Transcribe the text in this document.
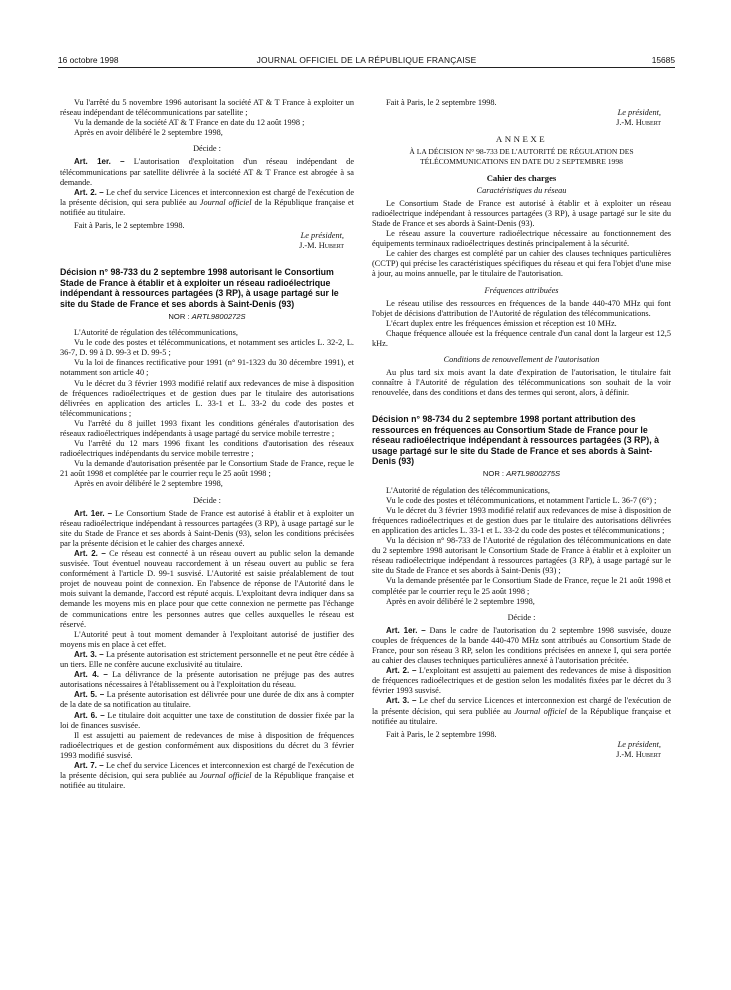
16 octobre 1998	JOURNAL OFFICIEL DE LA RÉPUBLIQUE FRANÇAISE	15685

Vu l'arrêté du 5 novembre 1996 autorisant la société AT & T France à exploiter un réseau indépendant de télécommunications par satellite ;

Vu la demande de la société AT & T France en date du 12 août 1998 ;

Après en avoir délibéré le 2 septembre 1998,

Décide :

Art. 1er. – L'autorisation d'exploitation d'un réseau indépendant de télécommunications par satellite délivrée à la société AT & T France est abrogée à sa demande.

Art. 2. – Le chef du service Licences et interconnexion est chargé de l'exécution de la présente décision, qui sera publiée au Journal officiel de la République française et notifiée au titulaire.

Fait à Paris, le 2 septembre 1998.

Le président,

J.-M. Hubert

Décision n° 98-733 du 2 septembre 1998 autorisant le Consortium Stade de France à établir et à exploiter un réseau radioélectrique indépendant à ressources partagées (3 RP), à usage partagé sur le site du Stade de France et ses abords à Saint-Denis (93)

NOR : ARTL9800272S

L'Autorité de régulation des télécommunications,

Vu le code des postes et télécommunications, et notamment ses articles L. 32-2, L. 36-7, D. 99 à D. 99-3 et D. 99-5 ;

Vu la loi de finances rectificative pour 1991 (n° 91-1323 du 30 décembre 1991), et notamment son article 40 ;

Vu le décret du 3 février 1993 modifié relatif aux redevances de mise à disposition de fréquences radioélectriques et de gestion dues par le titulaire des autorisations délivrées en application des articles L. 33-1 et L. 33-2 du code des postes et télécommunications ;

Vu l'arrêté du 8 juillet 1993 fixant les conditions générales d'autorisation des réseaux radioélectriques indépendants à usage partagé du service mobile terrestre ;

Vu l'arrêté du 12 mars 1996 fixant les conditions d'autorisation des réseaux radioélectriques indépendants du service mobile terrestre ;

Vu la demande d'autorisation présentée par le Consortium Stade de France, reçue le 21 août 1998 et complétée par le courrier reçu le 25 août 1998 ;

Après en avoir délibéré le 2 septembre 1998,

Décide :

Art. 1er. – Le Consortium Stade de France est autorisé à établir et à exploiter un réseau radioélectrique indépendant à ressources partagées (3 RP), à usage partagé sur le site du Stade de France et ses abords à Saint-Denis (93), selon les conditions précisées par la présente décision et le cahier des charges annexé.

Art. 2. – Ce réseau est connecté à un réseau ouvert au public selon la demande susvisée. Tout éventuel nouveau raccordement à un réseau ouvert au public se fera conformément à l'article D. 99-1 susvisé. L'Autorité est saisie préalablement de tout projet de nouveau point de connexion. En l'absence de réponse de l'Autorité dans le mois suivant la demande, l'accord est réputé acquis. L'exploitant devra indiquer dans sa demande les moyens mis en place pour que cette connexion ne permette pas l'échange de communications entre les personnes autres que celles auxquelles le réseau est réservé.

L'Autorité peut à tout moment demander à l'exploitant autorisé de justifier des moyens mis en place à cet effet.

Art. 3. – La présente autorisation est strictement personnelle et ne peut être cédée à un tiers. Elle ne confère aucune exclusivité au titulaire.

Art. 4. – La délivrance de la présente autorisation ne préjuge pas des autres autorisations nécessaires à l'établissement ou à l'exploitation du réseau.

Art. 5. – La présente autorisation est délivrée pour une durée de dix ans à compter de la date de sa notification au titulaire.

Art. 6. – Le titulaire doit acquitter une taxe de constitution de dossier fixée par la loi de finances susvisée.

Il est assujetti au paiement de redevances de mise à disposition de fréquences radioélectriques et de gestion conformément aux dispositions du décret du 3 février 1993 modifié susvisé.

Art. 7. – Le chef du service Licences et interconnexion est chargé de l'exécution de la présente décision, qui sera publiée au Journal officiel de la République française et notifiée au titulaire.

Fait à Paris, le 2 septembre 1998.

Le président,

J.-M. Hubert

ANNEXE

À LA DÉCISION N° 98-733 DE L'AUTORITÉ DE RÉGULATION DES TÉLÉCOMMUNICATIONS EN DATE DU 2 SEPTEMBRE 1998

Cahier des charges

Caractéristiques du réseau

Le Consortium Stade de France est autorisé à établir et à exploiter un réseau radioélectrique indépendant à ressources partagées (3 RP), à usage partagé sur le site du Stade de France et ses abords à Saint-Denis (93).

Le réseau assure la couverture radioélectrique nécessaire au fonctionnement des équipements terminaux radioélectriques destinés principalement à la sécurité.

Le cahier des charges est complété par un cahier des clauses techniques particulières (CCTP) qui précise les caractéristiques spécifiques du réseau et qui fera l'objet d'une mise à jour, au moins annuelle, par le titulaire de l'autorisation.

Fréquences attribuées

Le réseau utilise des ressources en fréquences de la bande 440-470 MHz qui font l'objet de décisions d'attribution de l'Autorité de régulation des télécommunications.

L'écart duplex entre les fréquences émission et réception est 10 MHz.

Chaque fréquence allouée est la fréquence centrale d'un canal dont la largeur est 12,5 kHz.

Conditions de renouvellement de l'autorisation

Au plus tard six mois avant la date d'expiration de l'autorisation, le titulaire fait connaître à l'Autorité de régulation des télécommunications son souhait de la voir renouvelée, dans des conditions et dans des termes qui seront, alors, à définir.

Décision n° 98-734 du 2 septembre 1998 portant attribution des ressources en fréquences au Consortium Stade de France pour le réseau radioélectrique indépendant à ressources partagées (3 RP), à usage partagé sur le site du Stade de France et ses abords à Saint-Denis (93)

NOR : ARTL9800275S

L'Autorité de régulation des télécommunications,

Vu le code des postes et télécommunications, et notamment l'article L. 36-7 (6°) ;

Vu le décret du 3 février 1993 modifié relatif aux redevances de mise à disposition de fréquences radioélectriques et de gestion dues par le titulaire des autorisations délivrées en application des articles L. 33-1 et L. 33-2 du code des postes et télécommunications ;

Vu la décision n° 98-733 de l'Autorité de régulation des télécommunications en date du 2 septembre 1998 autorisant le Consortium Stade de France à établir et à exploiter un réseau radioélectrique indépendant à ressources partagées (3 RP), à usage partagé sur le site du Stade de France et ses abords à Saint-Denis (93) ;

Vu la demande présentée par le Consortium Stade de France, reçue le 21 août 1998 et complétée par le courrier reçu le 25 août 1998 ;

Après en avoir délibéré le 2 septembre 1998,

Décide :

Art. 1er. – Dans le cadre de l'autorisation du 2 septembre 1998 susvisée, douze couples de fréquences de la bande 440-470 MHz sont attribués au Consortium Stade de France, pour son réseau 3 RP, selon les conditions précisées en annexe I, qui sera portée au cahier des clauses techniques particulières annexé à l'autorisation précitée.

Art. 2. – L'exploitant est assujetti au paiement des redevances de mise à disposition de fréquences radioélectriques et de gestion selon les modalités fixées par le décret du 3 février 1993 susvisé.

Art. 3. – Le chef du service Licences et interconnexion est chargé de l'exécution de la présente décision, qui sera publiée au Journal officiel de la République française et notifiée au titulaire.

Fait à Paris, le 2 septembre 1998.

Le président,

J.-M. Hubert
